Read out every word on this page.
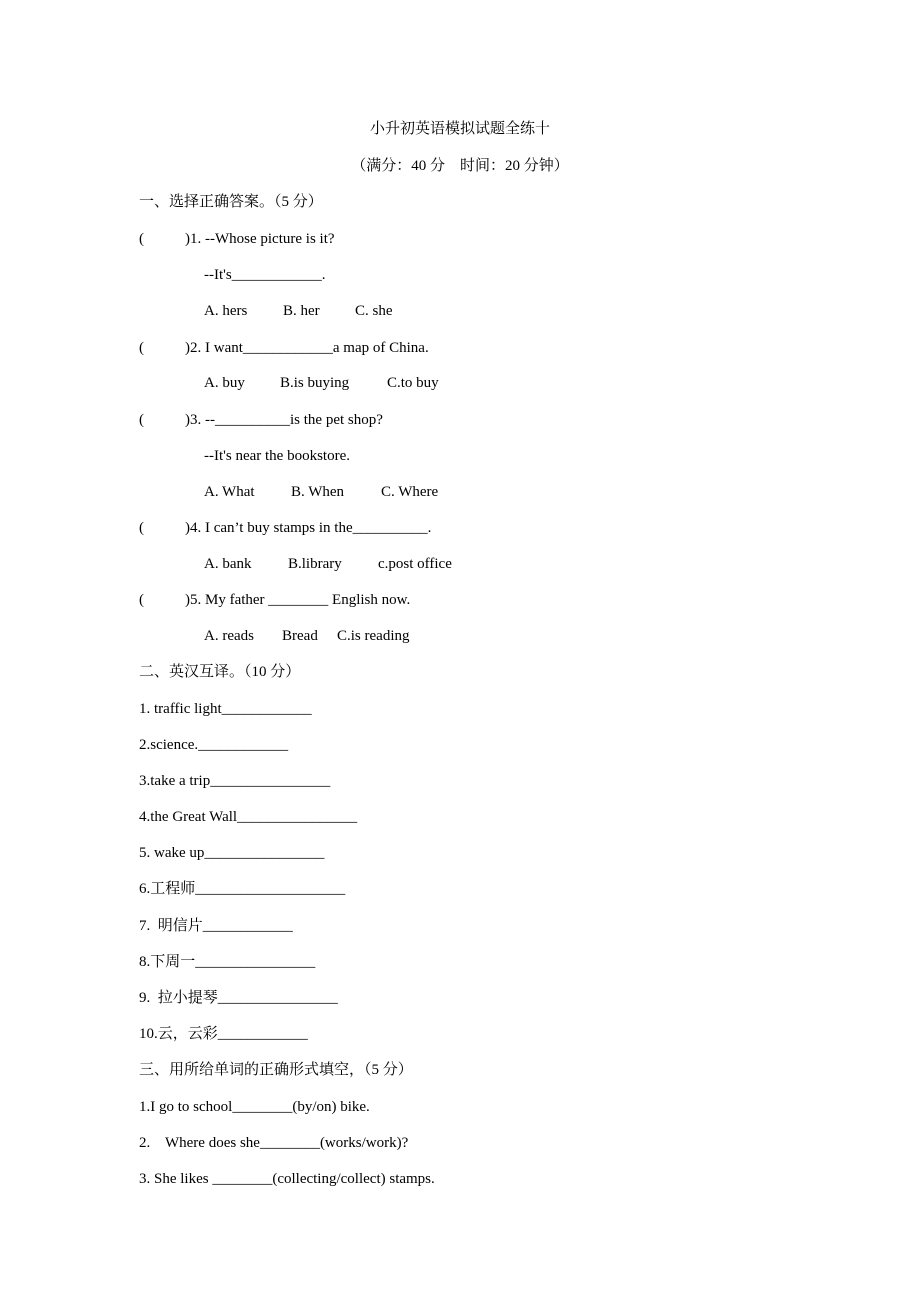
小升初英语模拟试题全练十
（满分：40 分　时间：20 分钟）
一、选择正确答案。（5 分）
(	)1. --Whose picture is it?
--It's____________.
A. hers B. her C. she
(	)2. I want____________a map of China.
A. buy B.is buying	C.to buy
(	)3. --__________is the pet shop?
--It's near the bookstore.
A. What B. When C. Where
(	)4. I can’t buy stamps in the__________.
A. bank B.library c.post office
(	)5. My father ________ English now.
A. reads Bread C.is reading
二、英汉互译。（10 分）
1. traffic light____________
2.science.____________
3.take a trip________________
4.the Great Wall________________
5. wake up________________
6.工程师____________________
7.  明信片____________
8.下周一________________
9.  拉小提琴________________
10.云，云彩____________
三、用所给单词的正确形式填空，（5 分）
1.I go to school________(by/on) bike.
2.    Where does she________(works/work)?
3. She likes ________(collecting/collect) stamps.
